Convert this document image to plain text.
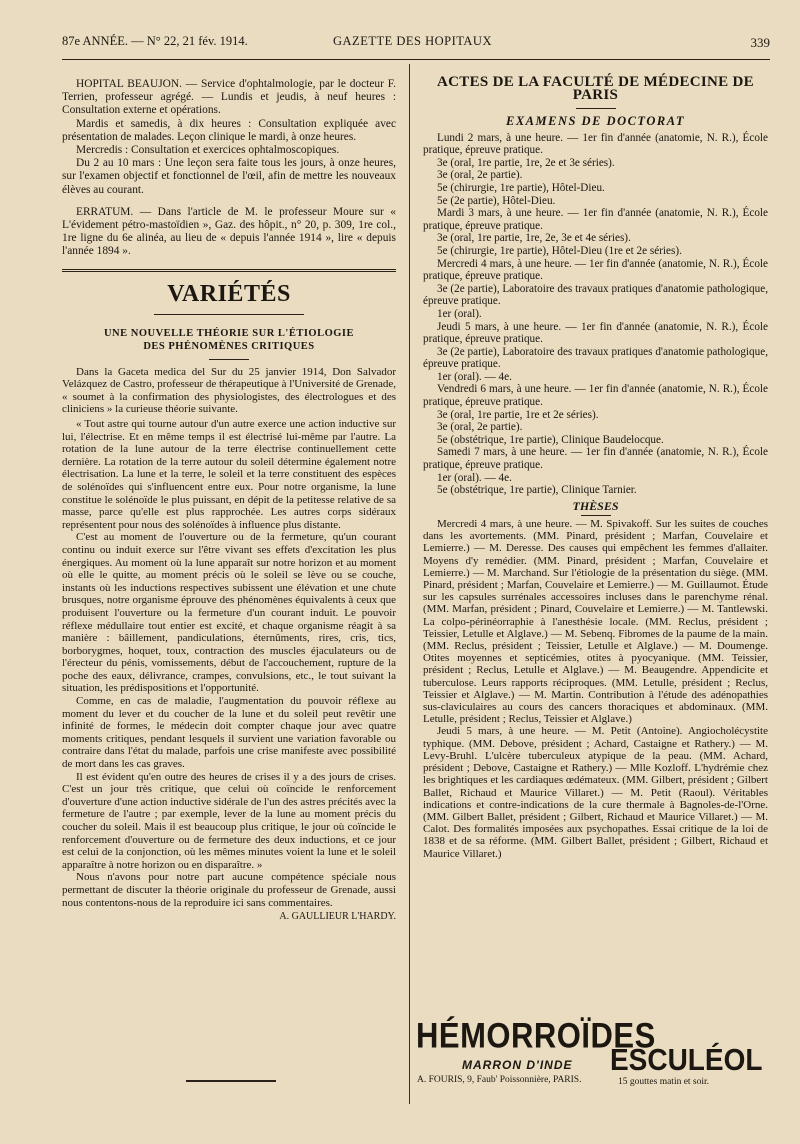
87e ANNÉE. — N° 22, 21 fév. 1914.	GAZETTE DES HOPITAUX	339

HOPITAL BEAUJON. — Service d'ophtalmologie, par le docteur F. Terrien, professeur agrégé. — Lundis et jeudis, à neuf heures : Consultation externe et opérations.

Mardis et samedis, à dix heures : Consultation expliquée avec présentation de malades. Leçon clinique le mardi, à onze heures.

Mercredis : Consultation et exercices ophtalmoscopiques.

Du 2 au 10 mars : Une leçon sera faite tous les jours, à onze heures, sur l'examen objectif et fonctionnel de l'œil, afin de mettre les nouveaux élèves au courant.

ERRATUM. — Dans l'article de M. le professeur Moure sur « L'évidement pétro-mastoïdien », Gaz. des hôpit., n° 20, p. 309, 1re col., 1re ligne du 6e alinéa, au lieu de « depuis l'année 1914 », lire « depuis l'année 1894 ».

VARIÉTÉS
UNE NOUVELLE THÉORIE SUR L'ÉTIOLOGIE
DES PHÉNOMÈNES CRITIQUES

Dans la Gaceta medica del Sur du 25 janvier 1914, Don Salvador Velázquez de Castro, professeur de thérapeutique à l'Université de Grenade, « soumet à la confirmation des physiologistes, des électrologues et des cliniciens » la curieuse théorie suivante.

« Tout astre qui tourne autour d'un autre exerce une action inductive sur lui, l'électrise. Et en même temps il est électrisé lui-même par l'autre. La rotation de la lune autour de la terre électrise continuellement cette dernière. La rotation de la terre autour du soleil détermine également notre électrisation. La lune et la terre, le soleil et la terre constituent des espèces de solénoïdes qui s'influencent entre eux. Pour notre organisme, la lune constitue le solénoïde le plus puissant, en dépit de la petitesse relative de sa masse, parce qu'elle est plus rapprochée. Les autres corps sidéraux représentent pour nous des solénoïdes à influence plus distante.

C'est au moment de l'ouverture ou de la fermeture, qu'un courant continu ou induit exerce sur l'être vivant ses effets d'excitation les plus énergiques. Au moment où la lune apparaît sur notre horizon et au moment où elle le quitte, au moment précis où le soleil se lève ou se couche, instants où les inductions respectives subissent une élévation et une chute brusques, notre organisme éprouve des phénomènes équivalents à ceux que produisent l'ouverture ou la fermeture d'un courant induit. Le pouvoir réflexe médullaire tout entier est excité, et chaque organisme réagit à sa manière : bâillement, pandiculations, éternûments, rires, cris, tics, borborygmes, hoquet, toux, contraction des muscles éjaculateurs ou de l'érecteur du pénis, vomissements, début de l'accouchement, rupture de la poche des eaux, délivrance, crampes, convulsions, etc., le tout suivant la situation, les prédispositions et l'opportunité.

Comme, en cas de maladie, l'augmentation du pouvoir réflexe au moment du lever et du coucher de la lune et du soleil peut revêtir une infinité de formes, le médecin doit compter chaque jour avec quatre moments critiques, pendant lesquels il survient une variation favorable ou contraire dans l'état du malade, parfois une crise manifeste avec possibilité de mort dans les cas graves.

Il est évident qu'en outre des heures de crises il y a des jours de crises. C'est un jour très critique, que celui où coïncide le renforcement d'ouverture d'une action inductive sidérale de l'un des astres précités avec la fermeture de l'autre ; par exemple, lever de la lune au moment précis du coucher du soleil. Mais il est beaucoup plus critique, le jour où coïncide le renforcement d'ouverture ou de fermeture des deux inductions, et ce jour est celui de la conjonction, où les mêmes minutes voient la lune et le soleil apparaître à notre horizon ou en disparaître. »

Nous n'avons pour notre part aucune compétence spéciale nous permettant de discuter la théorie originale du professeur de Grenade, aussi nous contentons-nous de la reproduire ici sans commentaires.

A. GAULLIEUR L'HARDY.
ACTES DE LA FACULTÉ DE MÉDECINE DE PARIS
EXAMENS DE DOCTORAT

Lundi 2 mars, à une heure. — 1er fin d'année (anatomie, N. R.), École pratique, épreuve pratique.

3e (oral, 1re partie, 1re, 2e et 3e séries).

3e (oral, 2e partie).

5e (chirurgie, 1re partie), Hôtel-Dieu.

5e (2e partie), Hôtel-Dieu.

Mardi 3 mars, à une heure. — 1er fin d'année (anatomie, N. R.), École pratique, épreuve pratique.

3e (oral, 1re partie, 1re, 2e, 3e et 4e séries).

5e (chirurgie, 1re partie), Hôtel-Dieu (1re et 2e séries).

Mercredi 4 mars, à une heure. — 1er fin d'année (anatomie, N. R.), École pratique, épreuve pratique.

3e (2e partie), Laboratoire des travaux pratiques d'anatomie pathologique, épreuve pratique.

1er (oral).

Jeudi 5 mars, à une heure. — 1er fin d'année (anatomie, N. R.), École pratique, épreuve pratique.

3e (2e partie), Laboratoire des travaux pratiques d'anatomie pathologique, épreuve pratique.

1er (oral). — 4e.

Vendredi 6 mars, à une heure. — 1er fin d'année (anatomie, N. R.), École pratique, épreuve pratique.

3e (oral, 1re partie, 1re et 2e séries).

3e (oral, 2e partie).

5e (obstétrique, 1re partie), Clinique Baudelocque.

Samedi 7 mars, à une heure. — 1er fin d'année (anatomie, N. R.), École pratique, épreuve pratique.

1er (oral). — 4e.

5e (obstétrique, 1re partie), Clinique Tarnier.

THÈSES

Mercredi 4 mars, à une heure. — M. Spivakoff. Sur les suites de couches dans les avortements. (MM. Pinard, président ; Marfan, Couvelaire et Lemierre.) — M. Deresse. Des causes qui empêchent les femmes d'allaiter. Moyens d'y remédier. (MM. Pinard, président ; Marfan, Couvelaire et Lemierre.) — M. Marchand. Sur l'étiologie de la présentation du siège. (MM. Pinard, président ; Marfan, Couvelaire et Lemierre.) — M. Guillaumot. Étude sur les capsules surrénales accessoires incluses dans le parenchyme rénal. (MM. Marfan, président ; Pinard, Couvelaire et Lemierre.) — M. Tantlewski. La colpo-périnéorraphie à l'anesthésie locale. (MM. Reclus, président ; Teissier, Letulle et Alglave.) — M. Sebenq. Fibromes de la paume de la main. (MM. Reclus, président ; Teissier, Letulle et Alglave.) — M. Doumenge. Otites moyennes et septicémies, otites à pyocyanique. (MM. Teissier, président ; Reclus, Letulle et Alglave.) — M. Beaugendre. Appendicite et tuberculose. Leurs rapports réciproques. (MM. Letulle, président ; Reclus, Teissier et Alglave.) — M. Martin. Contribution à l'étude des adénopathies sus-claviculaires au cours des cancers thoraciques et abdominaux. (MM. Letulle, président ; Reclus, Teissier et Alglave.)

Jeudi 5 mars, à une heure. — M. Petit (Antoine). Angiocholécystite typhique. (MM. Debove, président ; Achard, Castaigne et Rathery.) — M. Levy-Bruhl. L'ulcère tuberculeux atypique de la peau. (MM. Achard, président ; Debove, Castaigne et Rathery.) — Mlle Kozloff. L'hydrémie chez les brightiques et les cardiaques œdémateux. (MM. Gilbert, président ; Gilbert Ballet, Richaud et Maurice Villaret.) — M. Petit (Raoul). Véritables indications et contre-indications de la cure thermale à Bagnoles-de-l'Orne. (MM. Gilbert Ballet, président ; Gilbert, Richaud et Maurice Villaret.) — M. Calot. Des formalités imposées aux psychopathes. Essai critique de la loi de 1838 et de sa réforme. (MM. Gilbert Ballet, président ; Gilbert, Richaud et Maurice Villaret.)

HÉMORROÏDES
MARRON D'INDE
A. FOURIS, 9, Faub' Poissonnière, PARIS.
ESCULÉOL
15 gouttes matin et soir.
